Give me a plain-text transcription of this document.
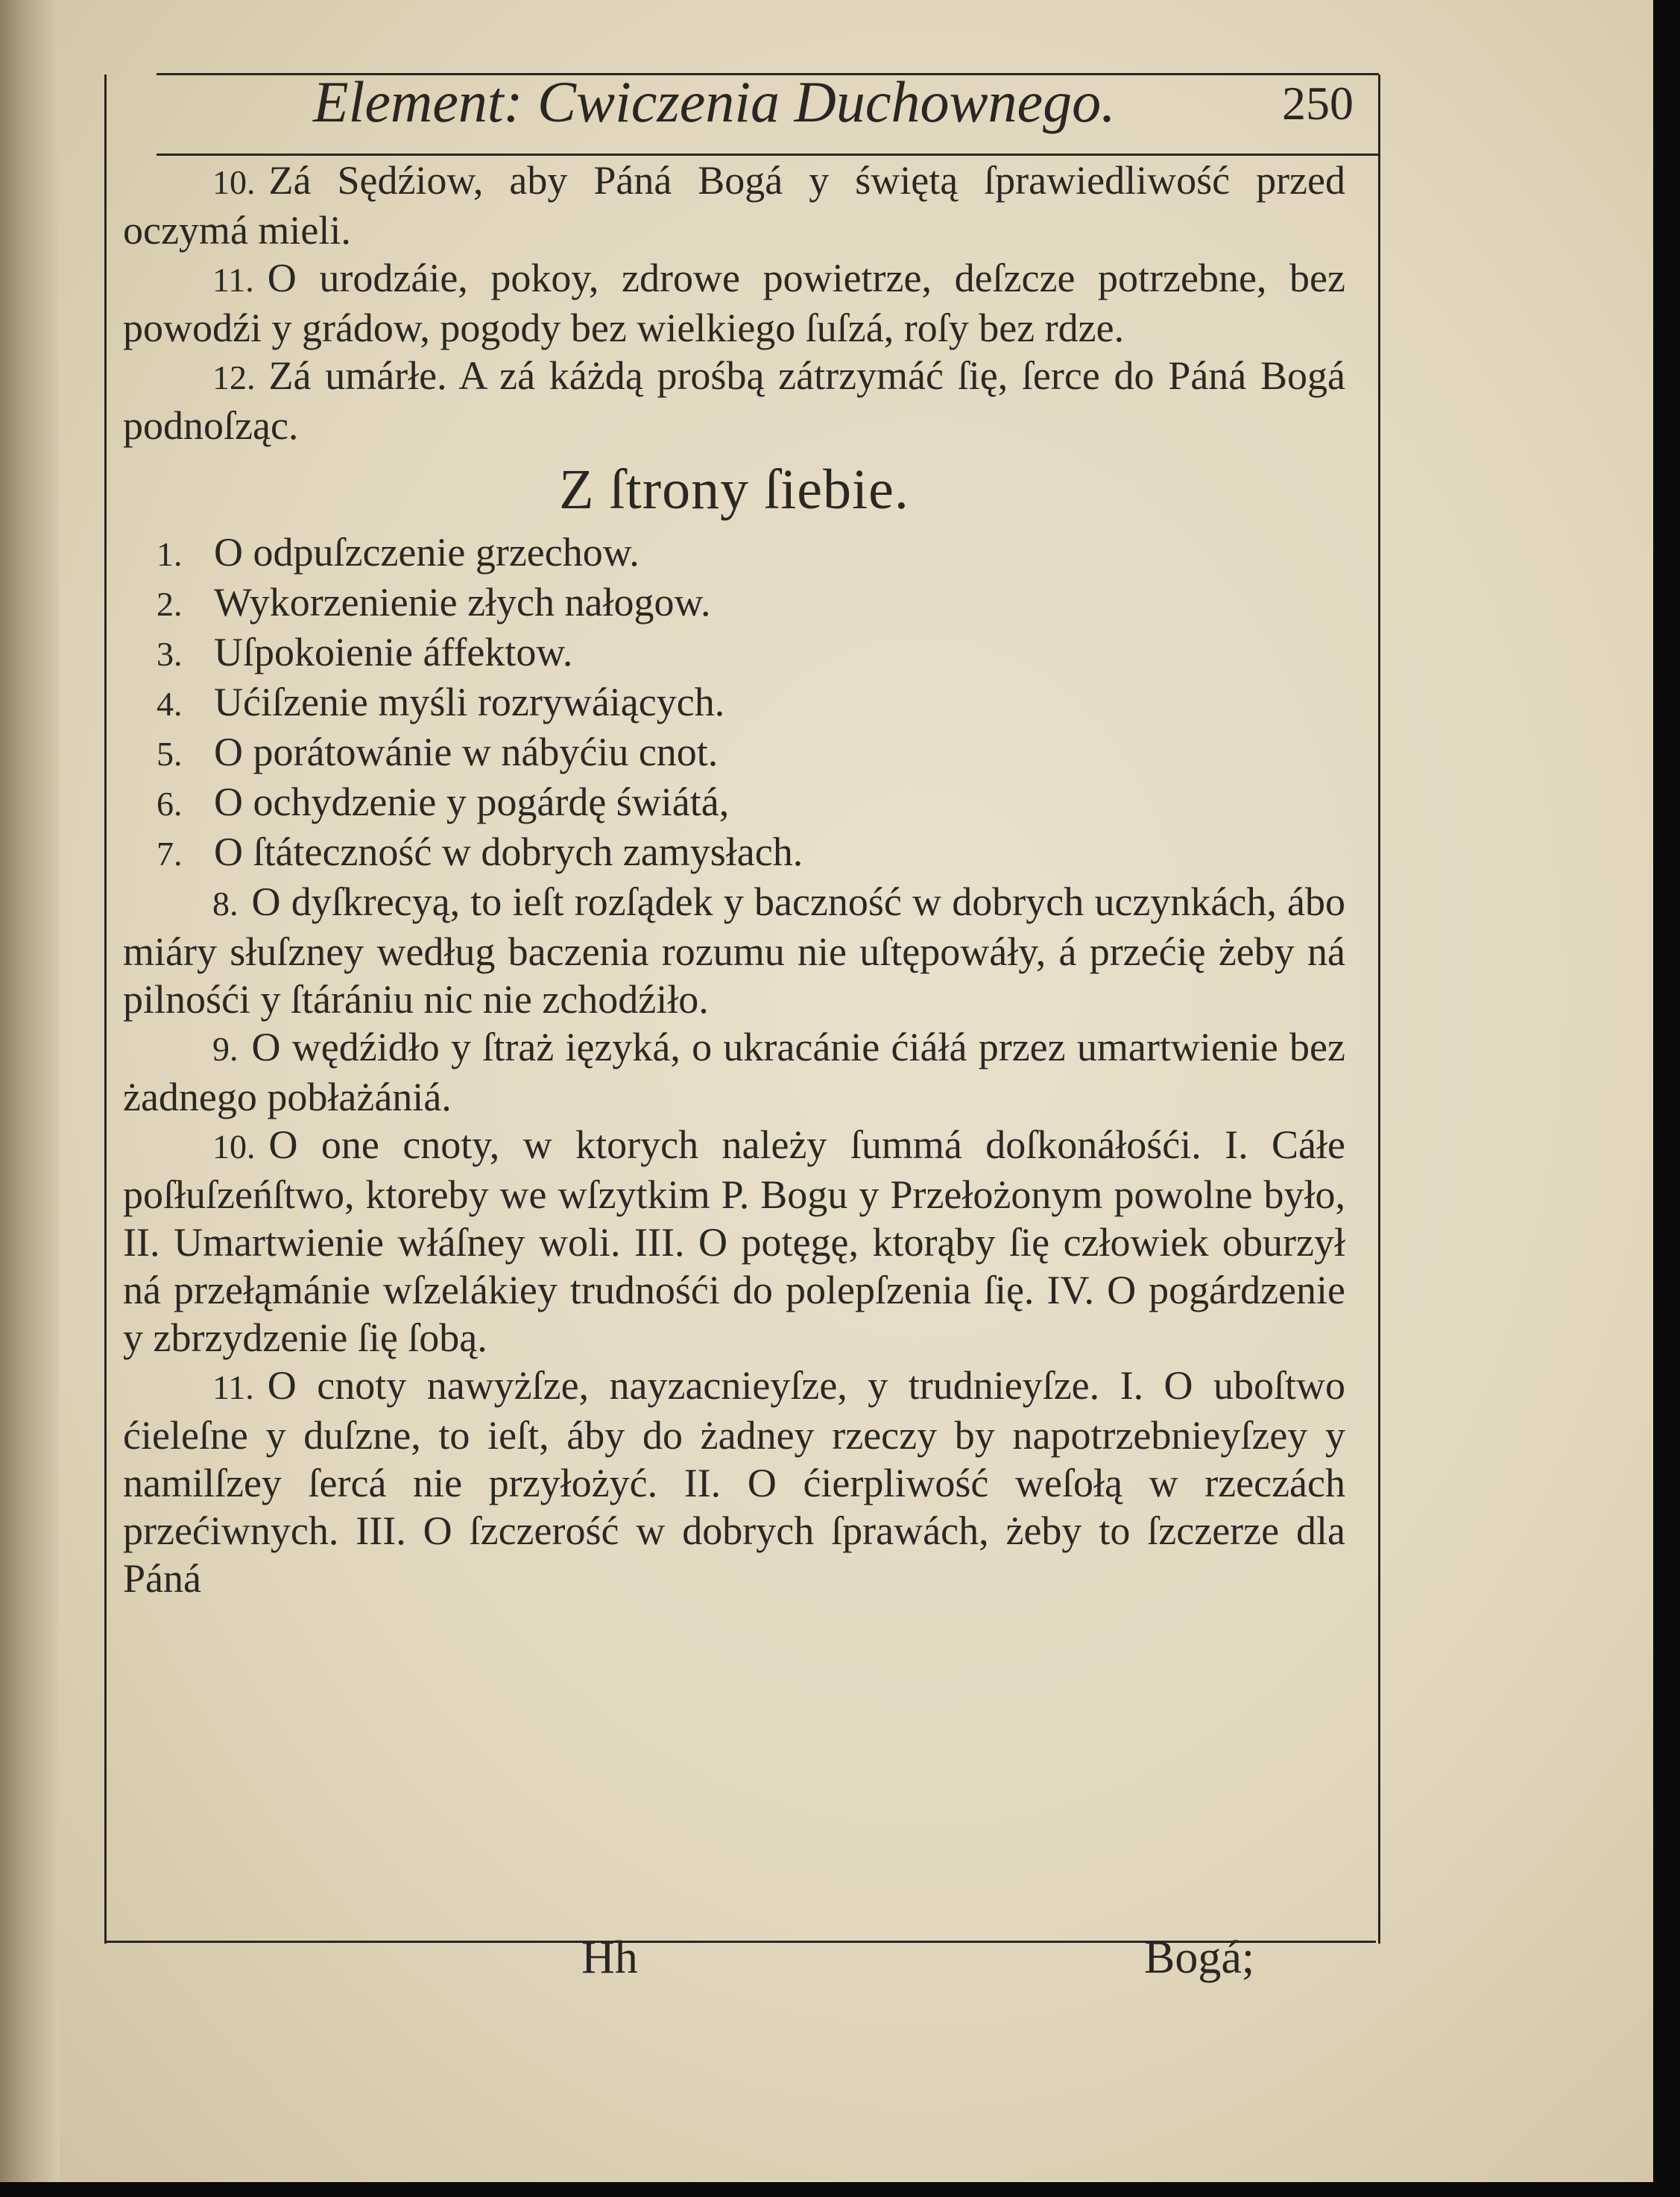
Element: Cwiczenia Duchownego.	250

10. Zá Sędźiow, aby Páná Bogá y świętą ſprawiedliwość przed oczymá mieli.

11. O urodzáie, pokoy, zdrowe powietrze, deſzcze potrzebne, bez powodźi y grádow, pogody bez wielkiego ſuſzá, roſy bez rdze.

12. Zá umárłe. A zá káżdą prośbą zátrzymáć ſię, ſerce do Páná Bogá podnoſząc.

Z ſtrony ſiebie.

1. O odpuſzczenie grzechow.

2. Wykorzenienie złych nałogow.

3. Uſpokoienie áffektow.

4. Ućiſzenie myśli rozrywáiących.

5. O porátowánie w nábyćiu cnot.

6. O ochydzenie y pogárdę świátá,

7. O ſtáteczność w dobrych zamysłach.

8. O dyſkrecyą, to ieſt rozſądek y baczność w dobrych uczynkách, ábo miáry słuſzney według baczenia rozumu nie uſtępowáły, á przećię żeby ná pilnośći y ſtárániu nic nie zchodźiło.

9. O wędźidło y ſtraż ięzyká, o ukracánie ćiáłá przez umartwienie bez żadnego pobłażániá.

10. O one cnoty, w ktorych należy ſummá doſkonáłośći. I. Cáłe poſłuſzeńſtwo, ktoreby we wſzytkim P. Bogu y Przełożonym powolne było, II. Umartwienie włáſney woli. III. O potęgę, ktorąby ſię człowiek oburzył ná przełąmánie wſzelákiey trudnośći do polepſzenia ſię. IV. O pogárdzenie y zbrzydzenie ſię ſobą.

11. O cnoty nawyżſze, nayzacnieyſze, y trudnieyſze. I. O uboſtwo ćieleſne y duſzne, to ieſt, áby do żadney rzeczy by napotrzebnieyſzey y namilſzey ſercá nie przyłożyć. II. O ćierpliwość weſołą w rzeczách przećiwnych. III. O ſzczerość w dobrych ſprawách, żeby to ſzczerze dla Páná

Hh	Bogá;
